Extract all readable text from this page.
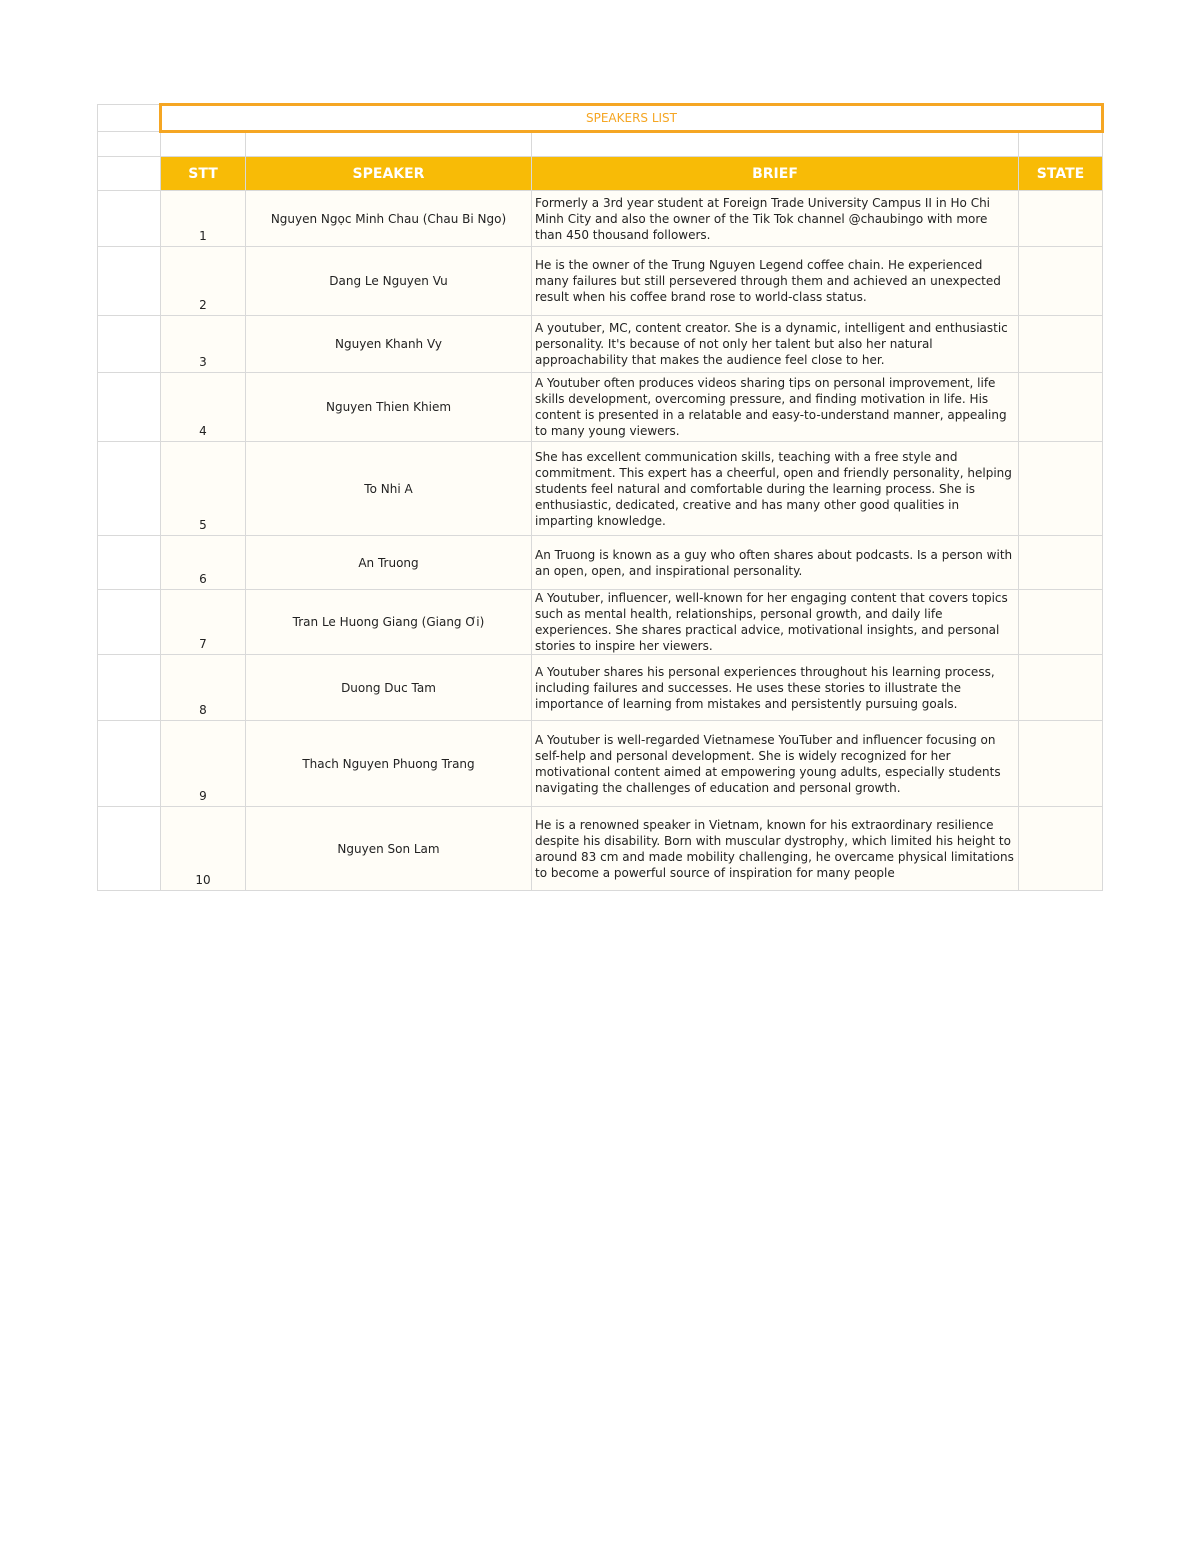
	SPEAKERS LIST			

	STT	SPEAKER	BRIEF	STATE
	1	Nguyen Ngọc Minh Chau (Chau Bi Ngo)	Formerly a 3rd year student at Foreign Trade University Campus II in Ho Chi Minh City and also the owner of the Tik Tok channel @chaubingo with more than 450 thousand followers.	
	2	Dang Le Nguyen Vu	He is the owner of the Trung Nguyen Legend coffee chain. He experienced many failures but still persevered through them and achieved an unexpected result when his coffee brand rose to world-class status.	
	3	Nguyen Khanh Vy	A youtuber, MC, content creator. She is a dynamic, intelligent and enthusiastic personality. It's because of not only her talent but also her natural approachability that makes the audience feel close to her.	
	4	Nguyen Thien Khiem	A Youtuber often produces videos sharing tips on personal improvement, life skills development, overcoming pressure, and finding motivation in life. His content is presented in a relatable and easy-to-understand manner, appealing to many young viewers.	
	5	To Nhi A	She has excellent communication skills, teaching with a free style and commitment. This expert has a cheerful, open and friendly personality, helping students feel natural and comfortable during the learning process. She is enthusiastic, dedicated, creative and has many other good qualities in imparting knowledge.	
	6	An Truong	An Truong is known as a guy who often shares about podcasts. Is a person with an open, open, and inspirational personality.	
	7	Tran Le Huong Giang (Giang Ơi)	A Youtuber, influencer, well-known for her engaging content that covers topics such as mental health, relationships, personal growth, and daily life experiences. She shares practical advice, motivational insights, and personal stories to inspire her viewers.	
	8	Duong Duc Tam	A Youtuber shares his personal experiences throughout his learning process, including failures and successes. He uses these stories to illustrate the importance of learning from mistakes and persistently pursuing goals.	
	9	Thach Nguyen Phuong Trang	A Youtuber is well-regarded Vietnamese YouTuber and influencer focusing on self-help and personal development. She is widely recognized for her motivational content aimed at empowering young adults, especially students navigating the challenges of education and personal growth.	
	10	Nguyen Son Lam	He is a renowned speaker in Vietnam, known for his extraordinary resilience despite his disability. Born with muscular dystrophy, which limited his height to around 83 cm and made mobility challenging, he overcame physical limitations to become a powerful source of inspiration for many people	
